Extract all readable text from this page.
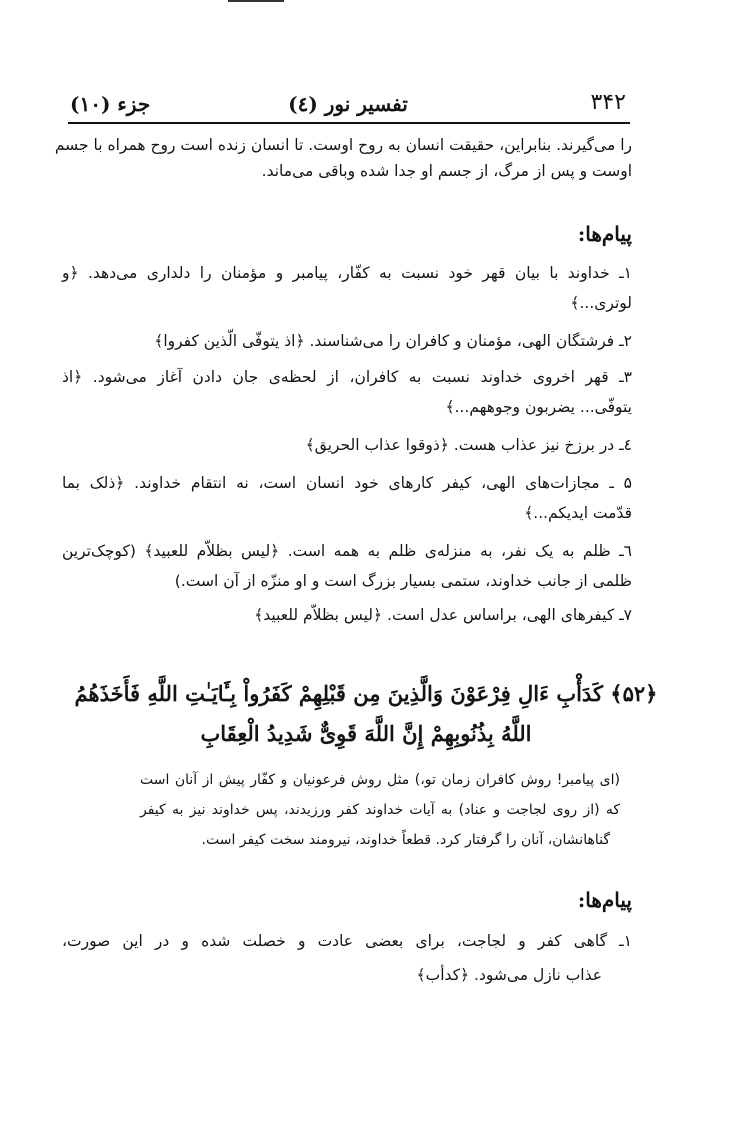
۳۴۲
تفسیر نور (٤)
جزء (١٠)
را می‌گیرند. بنابراین، حقیقت انسان به روح اوست. تا انسان زنده است روح همراه با جسم
اوست و پس از مرگ، از جسم او جدا شده وباقی می‌ماند.
پیام‌ها:
۱ـ خداوند با بیان قهر خود نسبت به کفّار، پیامبر و مؤمنان را دلداری می‌دهد. ﴿و
لوتری...﴾
۲ـ فرشتگان الهی، مؤمنان و کافران را می‌شناسند. ﴿اذ یتوفّی الّذین کفروا﴾
۳ـ قهر اخروی خداوند نسبت به کافران، از لحظه‌ی جان دادن آغاز می‌شود. ﴿اذ
یتوفّی... یضربون وجوههم...﴾
٤ـ در برزخ نیز عذاب هست. ﴿ذوقوا عذاب الحریق﴾
۵ ـ مجازات‌های الهی، کیفر کارهای خود انسان است، نه انتقام خداوند. ﴿ذلک بما
قدّمت ایدیکم...﴾
٦ـ ظلم به یک نفر، به منزله‌ی ظلم به همه است. ﴿لیس بظلاّم للعبید﴾ (کوچک‌ترین
ظلمی از جانب خداوند، ستمی بسیار بزرگ است و او منزّه از آن است.)
۷ـ کیفرهای الهی، براساس عدل است. ﴿لیس بظلاّم للعبید﴾
﴿۵۲﴾ كَدَأْبِ ءَالِ فِرْعَوْنَ وَالَّذِينَ مِن قَبْلِهِمْ كَفَرُواْ بِـَٔايَـٰتِ اللَّهِ فَأَخَذَهُمُ
اللَّهُ بِذُنُوبِهِمْ إِنَّ اللَّهَ قَوِىٌّ شَدِيدُ الْعِقَابِ
(ای پیامبر! روش کافران زمان تو،) مثل روش فرعونیان و کفّار پیش از آنان است
که (از روی لجاجت و عناد) به آیات خداوند کفر ورزیدند، پس خداوند نیز به کیفر
گناهانشان، آنان را گرفتار کرد. قطعاً خداوند، نیرومند سخت کیفر است.
پیام‌ها:
۱ـ گاهی کفر و لجاجت، برای بعضی عادت و خصلت شده و در این صورت،
عذاب نازل می‌شود. ﴿کدأب﴾
